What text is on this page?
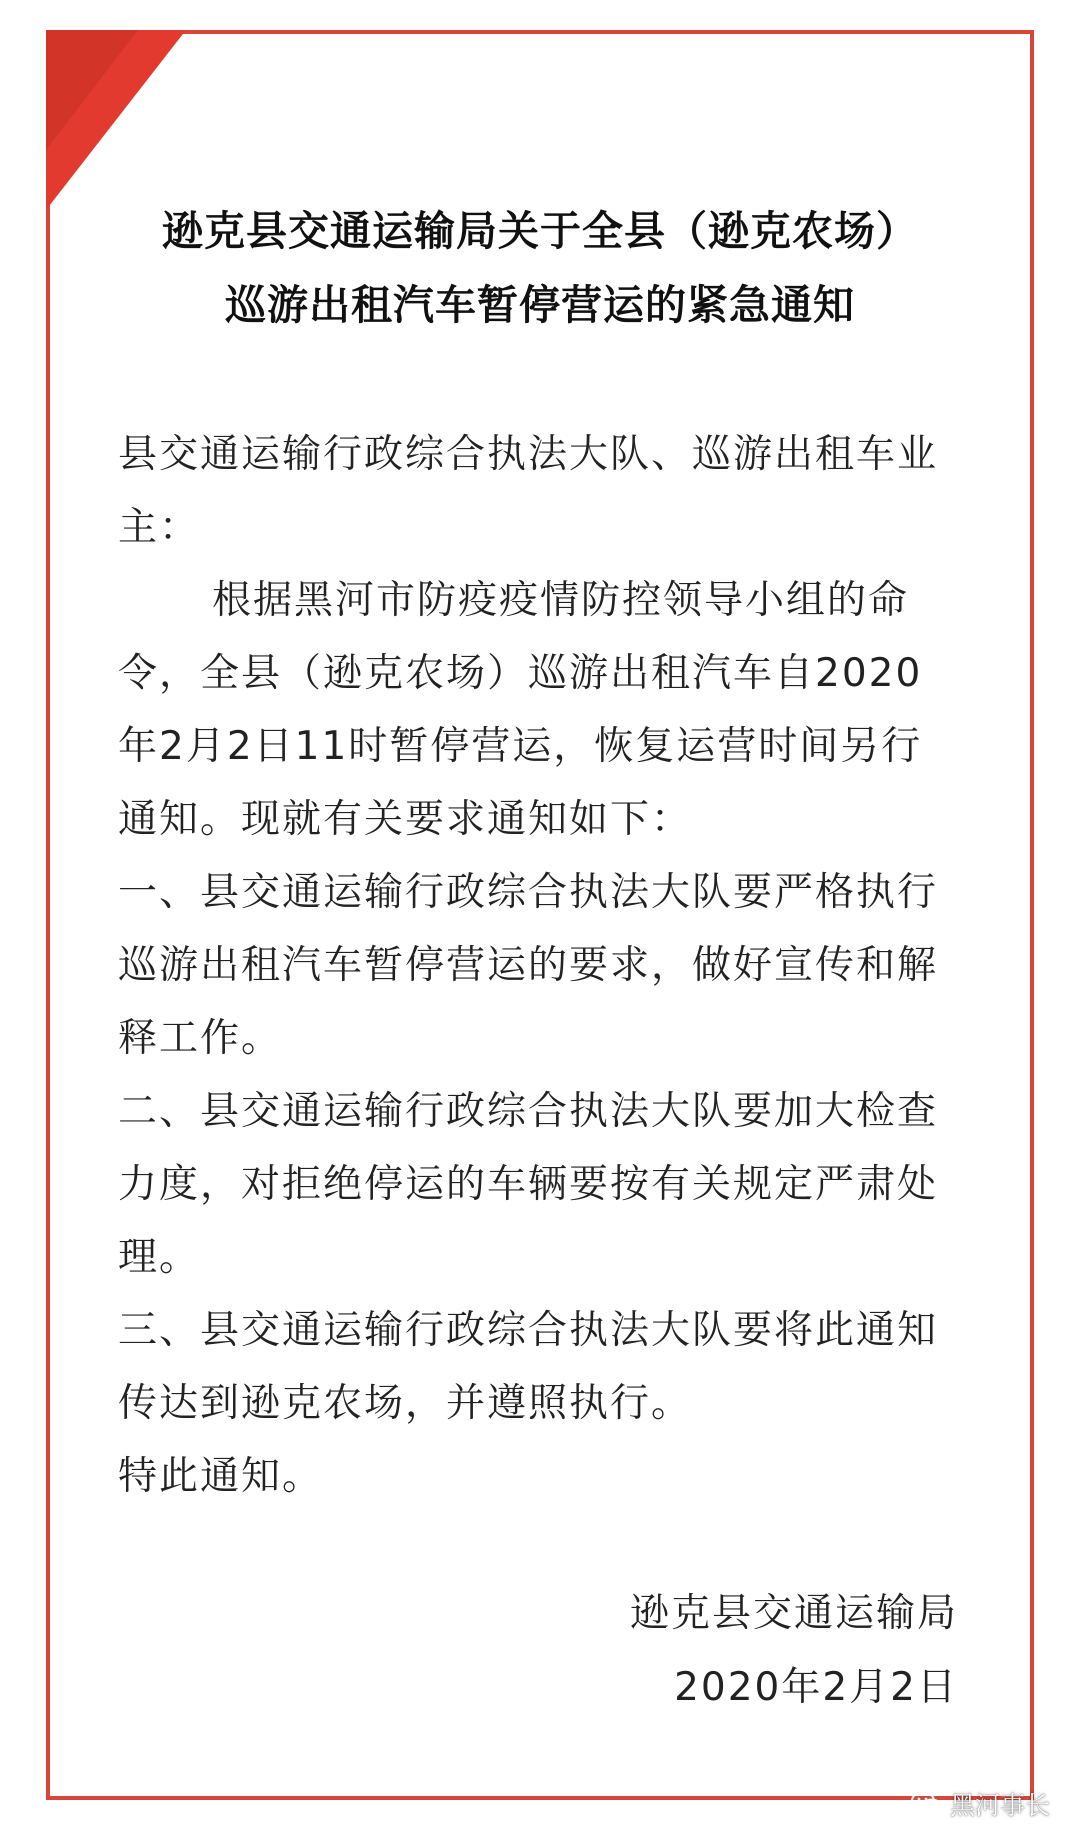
逊克县交通运输局关于全县（逊克农场）
巡游出租汽车暂停营运的紧急通知

县交通运输行政综合执法大队、巡游出租车业主：

根据黑河市防疫疫情防控领导小组的命令，全县（逊克农场）巡游出租汽车自2020年2月2日11时暂停营运，恢复运营时间另行通知。现就有关要求通知如下：

一、县交通运输行政综合执法大队要严格执行巡游出租汽车暂停营运的要求，做好宣传和解释工作。

二、县交通运输行政综合执法大队要加大检查力度，对拒绝停运的车辆要按有关规定严肃处理。

三、县交通运输行政综合执法大队要将此通知传达到逊克农场，并遵照执行。

特此通知。

逊克县交通运输局
2020年2月2日
黑河事长
